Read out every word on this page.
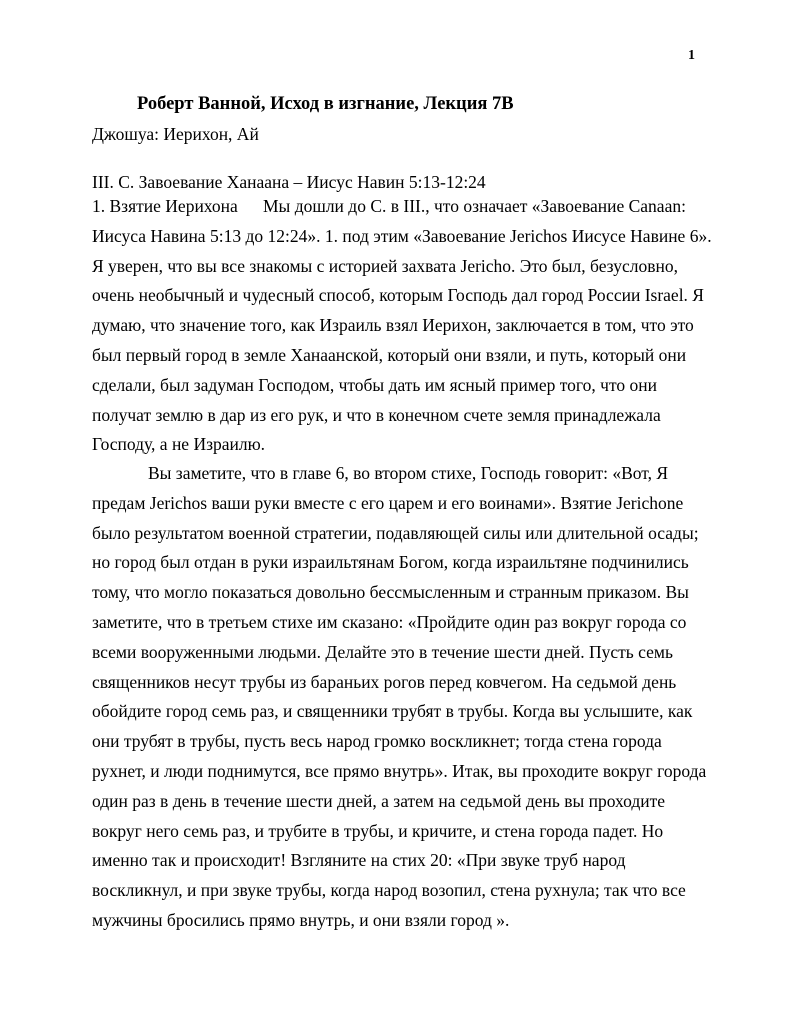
1
Роберт Ванной, Исход в изгнание, Лекция 7В
Джошуа: Иерихон, Ай
III. C. Завоевание Ханаана – Иисус Навин 5:13-12:24
1. Взятие Иерихона Мы дошли до C. в III., что означает «Завоевание Canaan:
Иисуса Навина 5:13 до 12:24». 1. под этим «Завоевание Jerichos Иисусе Навине 6».
Я уверен, что вы все знакомы с историей захвата Jericho. Это был, безусловно,
очень необычный и чудесный способ, которым Господь дал город России Israel. Я
думаю, что значение того, как Израиль взял Иерихон, заключается в том, что это
был первый город в земле Ханаанской, который они взяли, и путь, который они
сделали, был задуман Господом, чтобы дать им ясный пример того, что они
получат землю в дар из его рук, и что в конечном счете земля принадлежала
Господу, а не Израилю.
Вы заметите, что в главе 6, во втором стихе, Господь говорит: «Вот, Я
предам Jerichos ваши руки вместе с его царем и его воинами». Взятие Jerichone
было результатом военной стратегии, подавляющей силы или длительной осады;
но город был отдан в руки израильтянам Богом, когда израильтяне подчинились
тому, что могло показаться довольно бессмысленным и странным приказом. Вы
заметите, что в третьем стихе им сказано: «Пройдите один раз вокруг города со
всеми вооруженными людьми. Делайте это в течение шести дней. Пусть семь
священников несут трубы из бараньих рогов перед ковчегом. На седьмой день
обойдите город семь раз, и священники трубят в трубы. Когда вы услышите, как
они трубят в трубы, пусть весь народ громко воскликнет; тогда стена города
рухнет, и люди поднимутся, все прямо внутрь». Итак, вы проходите вокруг города
один раз в день в течение шести дней, а затем на седьмой день вы проходите
вокруг него семь раз, и трубите в трубы, и кричите, и стена города падет. Но
именно так и происходит! Взгляните на стих 20: «При звуке труб народ
воскликнул, и при звуке трубы, когда народ возопил, стена рухнула; так что все
мужчины бросились прямо внутрь, и они взяли город ».
